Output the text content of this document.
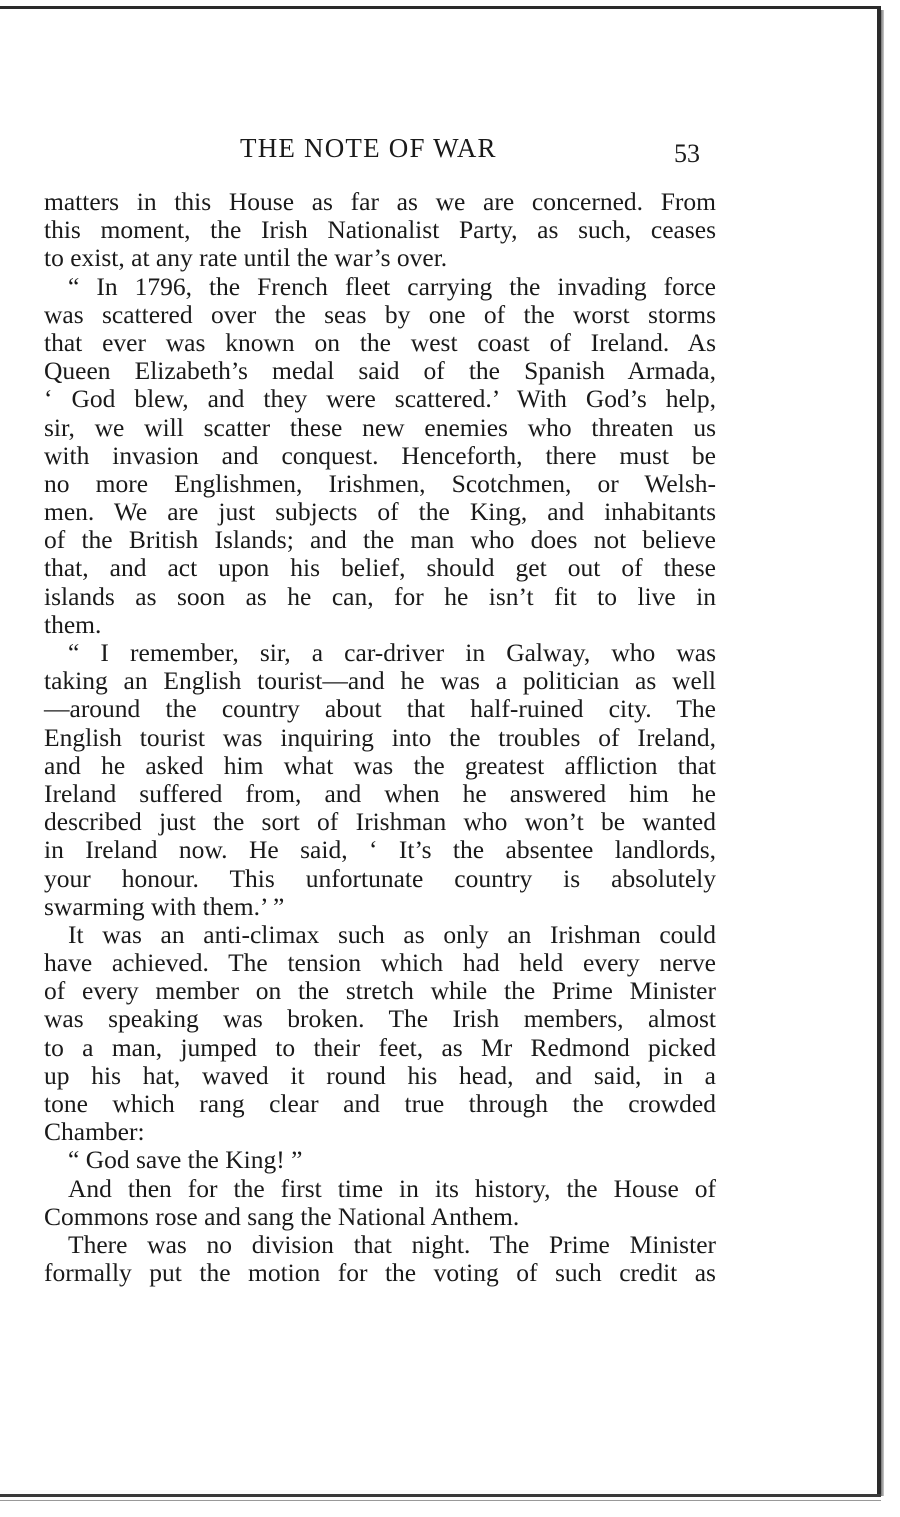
THE NOTE OF WAR	53
matters in this House as far as we are concerned. From
this moment, the Irish Nationalist Party, as such, ceases
to exist, at any rate until the war’s over.
“ In 1796, the French fleet carrying the invading force
was scattered over the seas by one of the worst storms
that ever was known on the west coast of Ireland. As
Queen Elizabeth’s medal said of the Spanish Armada,
‘ God blew, and they were scattered.’ With God’s help,
sir, we will scatter these new enemies who threaten us
with invasion and conquest. Henceforth, there must be
no more Englishmen, Irishmen, Scotchmen, or Welsh-
men. We are just subjects of the King, and inhabitants
of the British Islands; and the man who does not believe
that, and act upon his belief, should get out of these
islands as soon as he can, for he isn’t fit to live in
them.
“ I remember, sir, a car-driver in Galway, who was
taking an English tourist—and he was a politician as well
—around the country about that half-ruined city. The
English tourist was inquiring into the troubles of Ireland,
and he asked him what was the greatest affliction that
Ireland suffered from, and when he answered him he
described just the sort of Irishman who won’t be wanted
in Ireland now. He said, ‘ It’s the absentee landlords,
your honour. This unfortunate country is absolutely
swarming with them.’ ”
It was an anti-climax such as only an Irishman could
have achieved. The tension which had held every nerve
of every member on the stretch while the Prime Minister
was speaking was broken. The Irish members, almost
to a man, jumped to their feet, as Mr Redmond picked
up his hat, waved it round his head, and said, in a
tone which rang clear and true through the crowded
Chamber:
“ God save the King! ”
And then for the first time in its history, the House of
Commons rose and sang the National Anthem.
There was no division that night. The Prime Minister
formally put the motion for the voting of such credit as
